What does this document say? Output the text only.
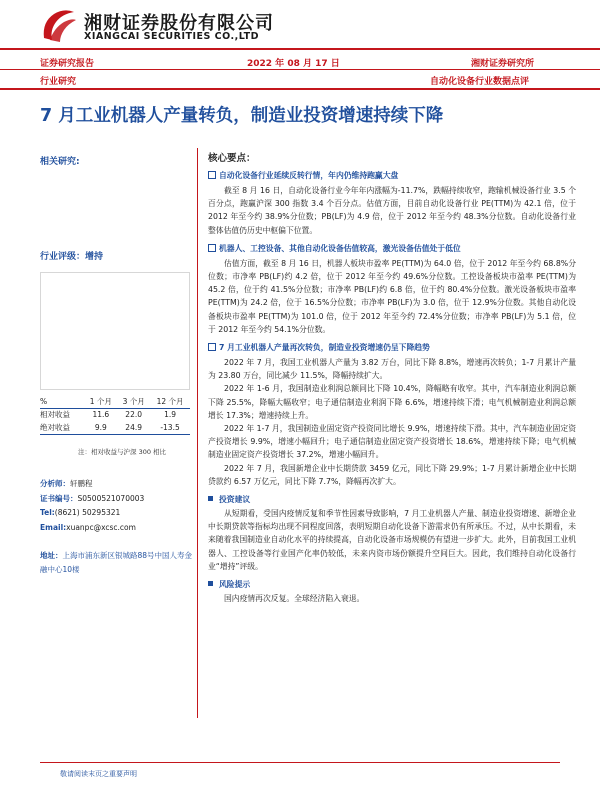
湘财证券股份有限公司
XIANGCAI SECURITIES CO.,LTD
证券研究报告	2022 年 08 月 17 日	湘财证券研究所
行业研究	自动化设备行业数据点评
7 月工业机器人产量转负，制造业投资增速持续下降
相关研究:
行业评级：增持
%	1 个月	3 个月	12 个月
相对收益	11.6	22.0	1.9
绝对收益	9.9	24.9	-13.5
注：相对收益与沪深 300 相比
分析师：轩鹏程
证书编号：S0500521070003
Tel:(8621) 50295321
Email:xuanpc@xcsc.com
地址：上海市浦东新区银城路88号中国人寿金融中心10楼
核心要点：
自动化设备行业延续反转行情，年内仍维持跑赢大盘
截至 8 月 16 日，自动化设备行业今年年内涨幅为-11.7%，跌幅持续收窄，跑输机械设备行业 3.5 个百分点，跑赢沪深 300 指数 3.4 个百分点。估值方面，目前自动化设备行业 PE(TTM)为 42.1 倍，位于 2012 年至今约 38.9%分位数；PB(LF)为 4.9 倍，位于 2012 年至今约 48.3%分位数。自动化设备行业整体估值仍历史中枢偏下位置。
机器人、工控设备、其他自动化设备估值较高，激光设备估值处于低位
估值方面，截至 8 月 16 日，机器人板块市盈率 PE(TTM)为 64.0 倍，位于 2012 年至今约 68.8%分位数；市净率 PB(LF)约 4.2 倍，位于 2012 年至今约 49.6%分位数。工控设备板块市盈率 PE(TTM)为 45.2 倍，位于约 41.5%分位数；市净率 PB(LF)约 6.8 倍，位于约 80.4%分位数。激光设备板块市盈率 PE(TTM)为 24.2 倍，位于 16.5%分位数；市净率 PB(LF)为 3.0 倍，位于 12.9%分位数。其他自动化设备板块市盈率 PE(TTM)为 101.0 倍，位于 2012 年至今约 72.4%分位数；市净率 PB(LF)为 5.1 倍，位于 2012 年至今约 54.1%分位数。
7 月工业机器人产量再次转负，制造业投资增速仍呈下降趋势
2022 年 7 月，我国工业机器人产量为 3.82 万台，同比下降 8.8%，增速再次转负；1-7 月累计产量为 23.80 万台，同比减少 11.5%，降幅持续扩大。
2022 年 1-6 月，我国制造业利润总额同比下降 10.4%，降幅略有收窄。其中，汽车制造业利润总额下降 25.5%，降幅大幅收窄；电子通信制造业利润下降 6.6%，增速持续下滑；电气机械制造业利润总额增长 17.3%；增速持续上升。
2022 年 1-7 月，我国制造业固定资产投资同比增长 9.9%，增速持续下滑。其中，汽车制造业固定资产投资增长 9.9%，增速小幅回升；电子通信制造业固定资产投资增长 18.6%，增速持续下降；电气机械制造业固定资产投资增长 37.2%，增速小幅回升。
2022 年 7 月，我国新增企业中长期贷款 3459 亿元，同比下降 29.9%；1-7 月累计新增企业中长期贷款约 6.57 万亿元，同比下降 7.7%，降幅再次扩大。
投资建议
从短期看，受国内疫情反复和季节性因素导致影响，7 月工业机器人产量、制造业投资增速、新增企业中长期贷款等指标均出现不同程度回落，表明短期自动化设备下游需求仍有所承压。不过，从中长期看，未来随着我国制造业自动化水平的持续提高，自动化设备市场规模仍有望进一步扩大。此外，目前我国工业机器人、工控设备等行业国产化率仍较低，未来内资市场份额提升空间巨大。因此，我们维持自动化设备行业“增持”评级。
风险提示
国内疫情再次反复。全球经济陷入衰退。
敬请阅读末页之重要声明
